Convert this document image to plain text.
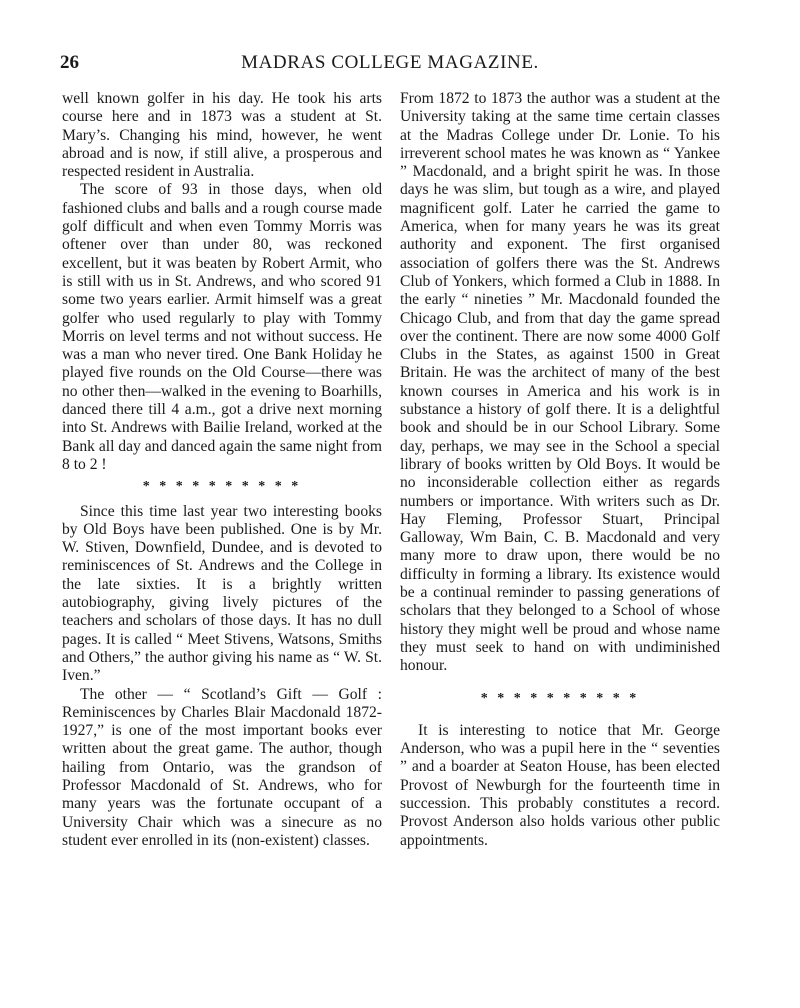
26	MADRAS COLLEGE MAGAZINE.

well known golfer in his day. He took his arts course here and in 1873 was a student at St. Mary’s. Changing his mind, however, he went abroad and is now, if still alive, a prosperous and respected resident in Australia.

The score of 93 in those days, when old fashioned clubs and balls and a rough course made golf difficult and when even Tommy Morris was oftener over than under 80, was reckoned excellent, but it was beaten by Robert Armit, who is still with us in St. Andrews, and who scored 91 some two years earlier. Armit himself was a great golfer who used regularly to play with Tommy Morris on level terms and not without success. He was a man who never tired. One Bank Holiday he played five rounds on the Old Course—there was no other then—walked in the evening to Boarhills, danced there till 4 a.m., got a drive next morning into St. Andrews with Bailie Ireland, worked at the Bank all day and danced again the same night from 8 to 2 !

* * * * * * * * * *

Since this time last year two interesting books by Old Boys have been published. One is by Mr. W. Stiven, Downfield, Dundee, and is devoted to reminiscences of St. Andrews and the College in the late sixties. It is a brightly written autobiography, giving lively pictures of the teachers and scholars of those days. It has no dull pages. It is called “ Meet Stivens, Watsons, Smiths and Others,” the author giving his name as “ W. St. Iven.”

The other — “ Scotland’s Gift — Golf : Reminiscences by Charles Blair Macdonald 1872-1927,” is one of the most important books ever written about the great game. The author, though hailing from Ontario, was the grandson of Professor Macdonald of St. Andrews, who for many years was the fortunate occupant of a University Chair which was a sinecure as no student ever enrolled in its (non-existent) classes.

From 1872 to 1873 the author was a student at the University taking at the same time certain classes at the Madras College under Dr. Lonie. To his irreverent school mates he was known as “ Yankee ” Macdonald, and a bright spirit he was. In those days he was slim, but tough as a wire, and played magnificent golf. Later he carried the game to America, when for many years he was its great authority and exponent. The first organised association of golfers there was the St. Andrews Club of Yonkers, which formed a Club in 1888. In the early “ nineties ” Mr. Macdonald founded the Chicago Club, and from that day the game spread over the continent. There are now some 4000 Golf Clubs in the States, as against 1500 in Great Britain. He was the architect of many of the best known courses in America and his work is in substance a history of golf there. It is a delightful book and should be in our School Library. Some day, perhaps, we may see in the School a special library of books written by Old Boys. It would be no inconsiderable collection either as regards numbers or importance. With writers such as Dr. Hay Fleming, Professor Stuart, Principal Galloway, Wm Bain, C. B. Macdonald and very many more to draw upon, there would be no difficulty in forming a library. Its existence would be a continual reminder to passing generations of scholars that they belonged to a School of whose history they might well be proud and whose name they must seek to hand on with undiminished honour.

* * * * * * * * * *

It is interesting to notice that Mr. George Anderson, who was a pupil here in the “ seventies ” and a boarder at Seaton House, has been elected Provost of Newburgh for the fourteenth time in succession. This probably constitutes a record. Provost Anderson also holds various other public appointments.
